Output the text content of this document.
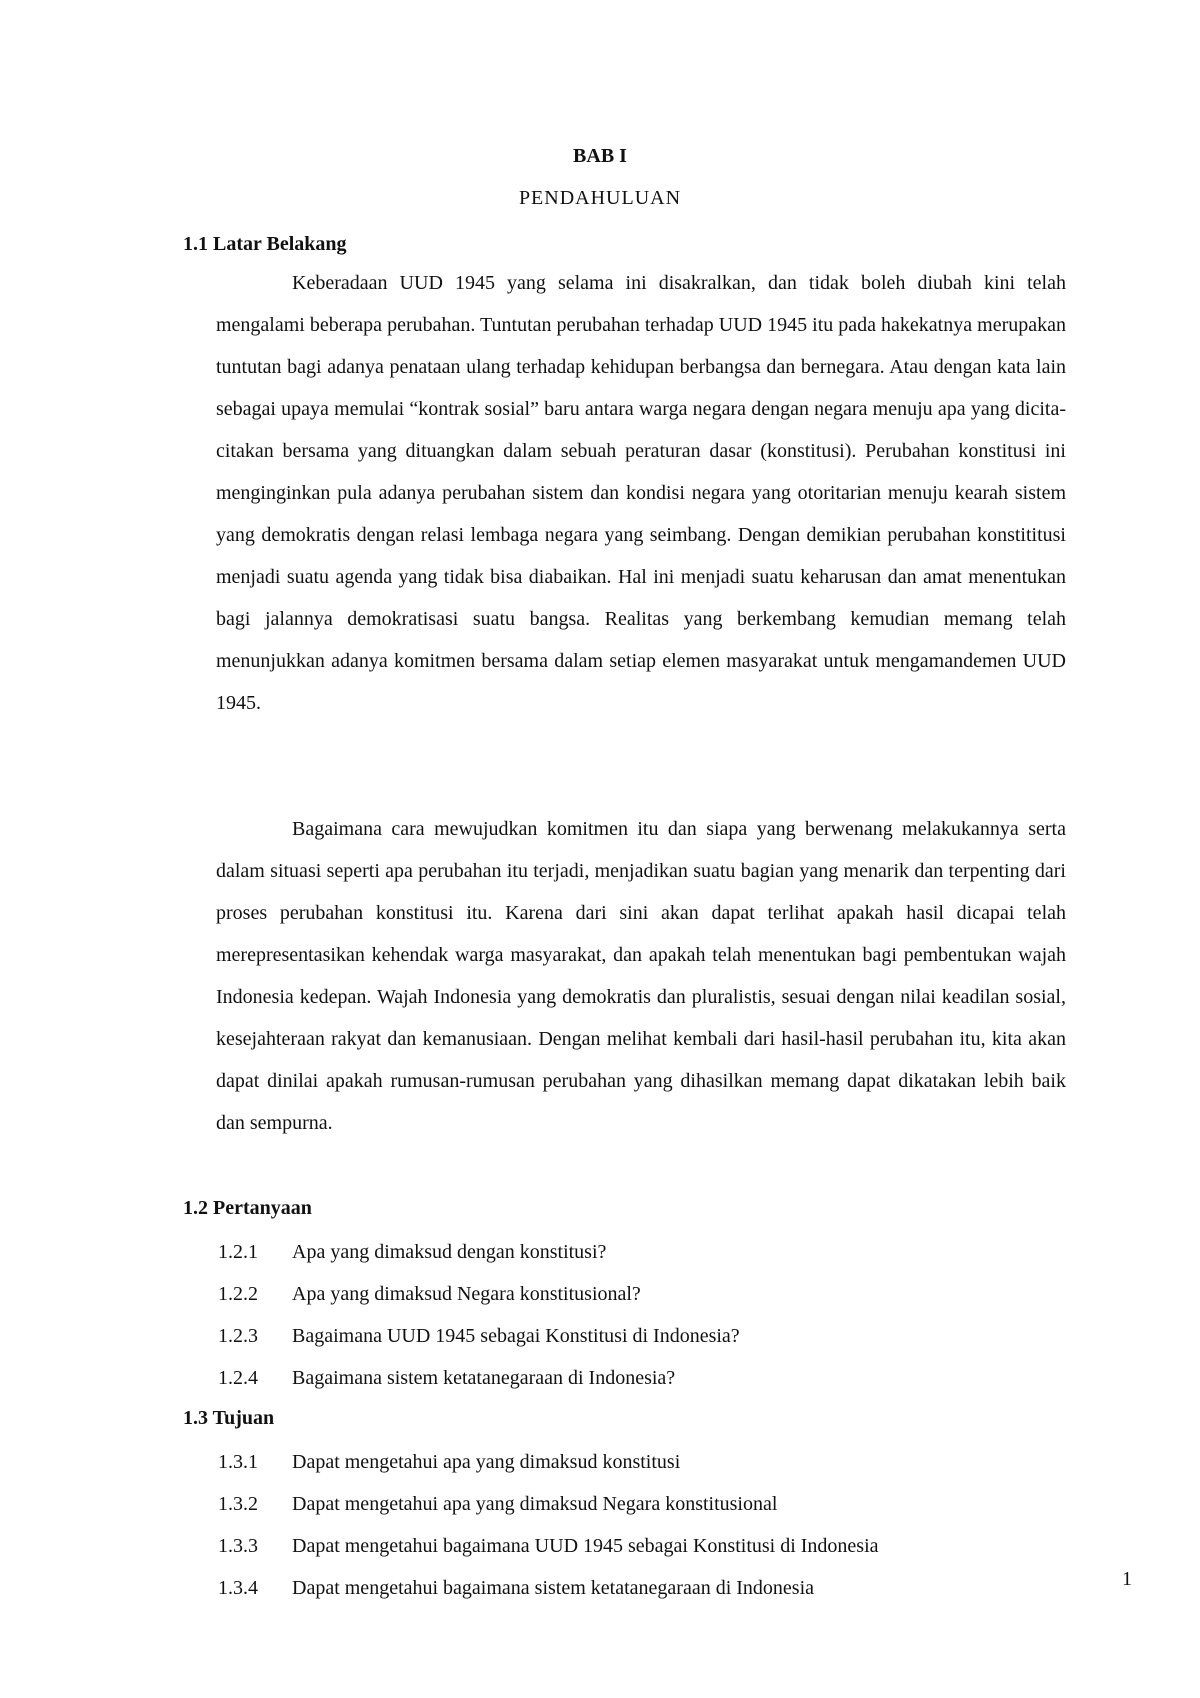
BAB I
PENDAHULUAN
1.1 Latar Belakang

Keberadaan UUD 1945 yang selama ini disakralkan, dan tidak boleh diubah kini telah mengalami beberapa perubahan. Tuntutan perubahan terhadap UUD 1945 itu pada hakekatnya merupakan tuntutan bagi adanya penataan ulang terhadap kehidupan berbangsa dan bernegara. Atau dengan kata lain sebagai upaya memulai “kontrak sosial” baru antara warga negara dengan negara menuju apa yang dicita-citakan bersama yang dituangkan dalam sebuah peraturan dasar (konstitusi). Perubahan konstitusi ini menginginkan pula adanya perubahan sistem dan kondisi negara yang otoritarian menuju kearah sistem yang demokratis dengan relasi lembaga negara yang seimbang. Dengan demikian perubahan konstititusi menjadi suatu agenda yang tidak bisa diabaikan. Hal ini menjadi suatu keharusan dan amat menentukan bagi jalannya demokratisasi suatu bangsa. Realitas yang berkembang kemudian memang telah menunjukkan adanya komitmen bersama dalam setiap elemen masyarakat untuk mengamandemen UUD 1945.

Bagaimana cara mewujudkan komitmen itu dan siapa yang berwenang melakukannya serta dalam situasi seperti apa perubahan itu terjadi, menjadikan suatu bagian yang menarik dan terpenting dari proses perubahan konstitusi itu. Karena dari sini akan dapat terlihat apakah hasil dicapai telah merepresentasikan kehendak warga masyarakat, dan apakah telah menentukan bagi pembentukan wajah Indonesia kedepan. Wajah Indonesia yang demokratis dan pluralistis, sesuai dengan nilai keadilan sosial, kesejahteraan rakyat dan kemanusiaan. Dengan melihat kembali dari hasil-hasil perubahan itu, kita akan dapat dinilai apakah rumusan-rumusan perubahan yang dihasilkan memang dapat dikatakan lebih baik dan sempurna.

1.2 Pertanyaan
1.2.1 Apa yang dimaksud dengan konstitusi?
1.2.2 Apa yang dimaksud Negara konstitusional?
1.2.3 Bagaimana UUD 1945 sebagai Konstitusi di Indonesia?
1.2.4 Bagaimana sistem ketatanegaraan di Indonesia?
1.3 Tujuan
1.3.1 Dapat mengetahui apa yang dimaksud konstitusi
1.3.2 Dapat mengetahui apa yang dimaksud Negara konstitusional
1.3.3 Dapat mengetahui bagaimana UUD 1945 sebagai Konstitusi di Indonesia
1.3.4 Dapat mengetahui bagaimana sistem ketatanegaraan di Indonesia	1
